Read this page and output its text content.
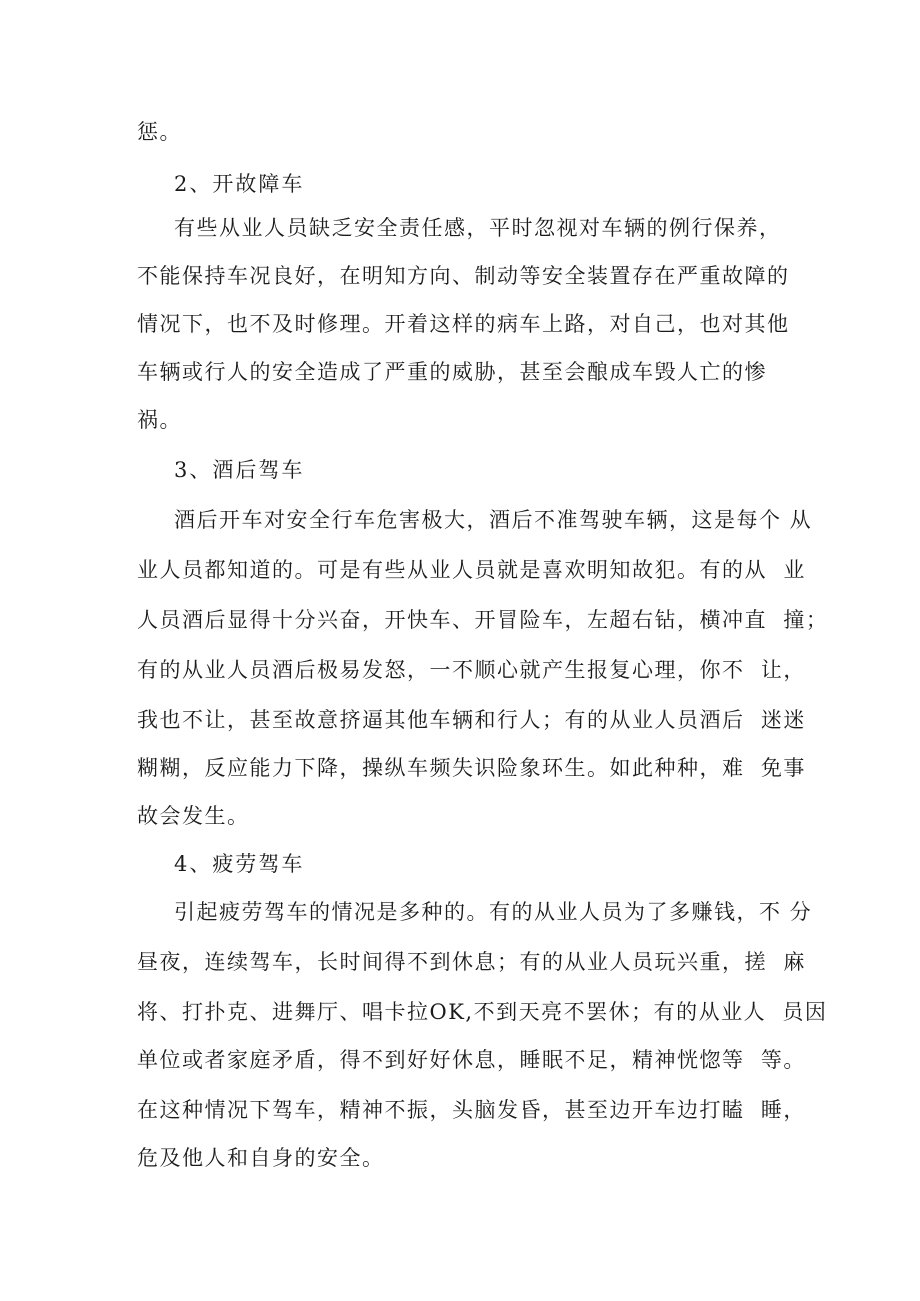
惩。

2、开故障车

有些从业人员缺乏安全责任感，平时忽视对车辆的例行保养，

不能保持车况良好，在明知方向、制动等安全装置存在严重故障的

情况下，也不及时修理。开着这样的病车上路，对自己，也对其他

车辆或行人的安全造成了严重的威胁，甚至会酿成车毁人亡的惨

祸。

3、酒后驾车

酒后开车对安全行车危害极大，酒后不准驾驶车辆，这是每个 从

业人员都知道的。可是有些从业人员就是喜欢明知故犯。有的从  业

人员酒后显得十分兴奋，开快车、开冒险车，左超右钻，横冲直  撞；

有的从业人员酒后极易发怒，一不顺心就产生报复心理，你不  让，

我也不让，甚至故意挤逼其他车辆和行人；有的从业人员酒后  迷迷

糊糊，反应能力下降，操纵车频失识险象环生。如此种种，难  免事

故会发生。

4、疲劳驾车

引起疲劳驾车的情况是多种的。有的从业人员为了多赚钱，不 分

昼夜，连续驾车，长时间得不到休息；有的从业人员玩兴重，搓  麻

将、打扑克、进舞厅、唱卡拉OK,不到天亮不罢休；有的从业人  员因

单位或者家庭矛盾，得不到好好休息，睡眠不足，精神恍惚等  等。

在这种情况下驾车，精神不振，头脑发昏，甚至边开车边打瞌  睡，

危及他人和自身的安全。
